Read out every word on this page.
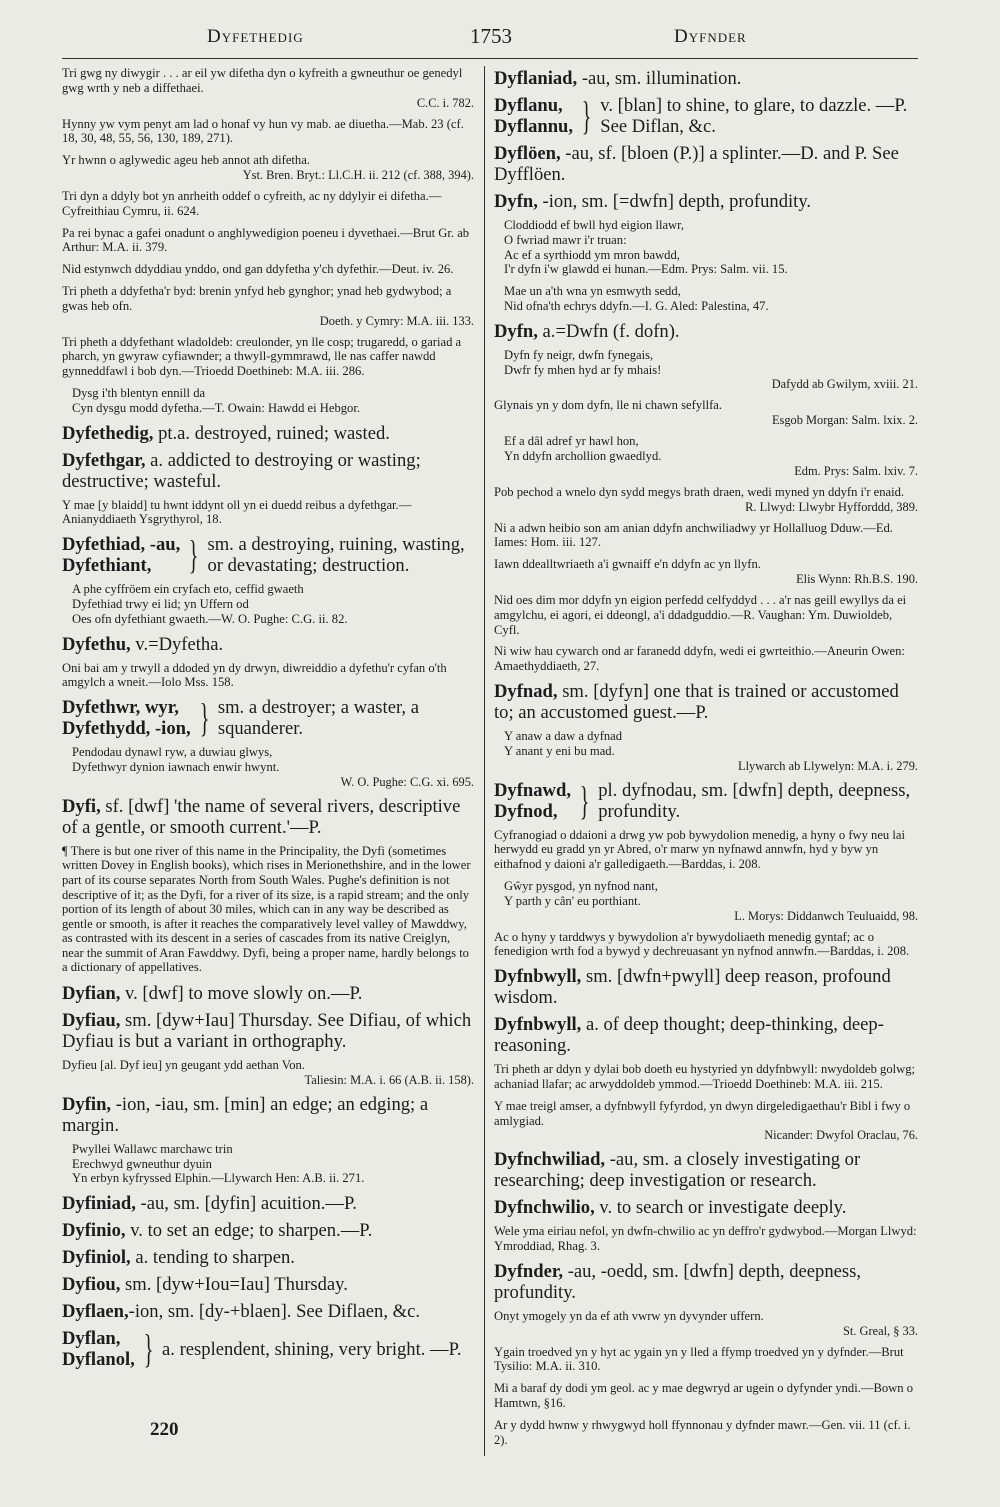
Dyfethedig	1753	Dyfnder

Tri gwg ny diwygir . . . ar eil yw difetha dyn o kyfreith a gwneuthur oe genedyl gwg wrth y neb a diffethaei.

C.C. i. 782.

Hynny yw vym penyt am lad o honaf vy hun vy mab. ae diuetha.—Mab. 23 (cf. 18, 30, 48, 55, 56, 130, 189, 271).

Yr hwnn o aglywedic ageu heb annot ath difetha.

Yst. Bren. Bryt.: Ll.C.H. ii. 212 (cf. 388, 394).

Tri dyn a ddyly bot yn anrheith oddef o cyfreith, ac ny ddylyir ei difetha.—Cyfreithiau Cymru, ii. 624.

Pa rei bynac a gafei onadunt o anghlywedigion poeneu i dyvethaei.—Brut Gr. ab Arthur: M.A. ii. 379.

Nid estynwch ddyddiau ynddo, ond gan ddyfetha y'ch dyfethir.—Deut. iv. 26.

Tri pheth a ddyfetha'r byd: brenin ynfyd heb gynghor; ynad heb gydwybod; a gwas heb ofn.

Doeth. y Cymry: M.A. iii. 133.

Tri pheth a ddyfethant wladoldeb: creulonder, yn lle cosp; trugaredd, o gariad a pharch, yn gwyraw cyfiawnder; a thwyll-gymmrawd, lle nas caffer nawdd gynneddfawl i bob dyn.—Trioedd Doethineb: M.A. iii. 286.

Dysg i'th blentyn ennill da

Cyn dysgu modd dyfetha.—T. Owain: Hawdd ei Hebgor.

Dyfethedig, pt.a. destroyed, ruined; wasted.
Dyfethgar, a. addicted to destroying or wasting; destructive; wasteful.

Y mae [y blaidd] tu hwnt iddynt oll yn ei duedd reibus a dyfethgar.—Anianyddiaeth Ysgrythyrol, 18.

Dyfethiad, -au,
Dyfethiant, } sm. a destroying, ruining, wasting, or devastating; destruction.

A phe cyffröem ein cryfach eto, ceffid gwaeth

Dyfethiad trwy ei lid; yn Uffern od

Oes ofn dyfethiant gwaeth.—W. O. Pughe: C.G. ii. 82.

Dyfethu, v.=Dyfetha.

Oni bai am y trwyll a ddoded yn dy drwyn, diwreiddio a dyfethu'r cyfan o'th amgylch a wneit.—Iolo Mss. 158.

Dyfethwr, wyr,
Dyfethydd, -ion, } sm. a destroyer; a waster, a squanderer.

Pendodau dynawl ryw, a duwiau glwys,

Dyfethwyr dynion iawnach enwir hwynt.

W. O. Pughe: C.G. xi. 695.
Dyfi, sf. [dwf] 'the name of several rivers, descriptive of a gentle, or smooth current.'—P.
¶ There is but one river of this name in the Principality, the Dyfi (sometimes written Dovey in English books), which rises in Merionethshire, and in the lower part of its course separates North from South Wales. Pughe's definition is not descriptive of it; as the Dyfi, for a river of its size, is a rapid stream; and the only portion of its length of about 30 miles, which can in any way be described as gentle or smooth, is after it reaches the comparatively level valley of Mawddwy, as contrasted with its descent in a series of cascades from its native Creiglyn, near the summit of Aran Fawddwy. Dyfi, being a proper name, hardly belongs to a dictionary of appellatives.
Dyfian, v. [dwf] to move slowly on.—P.
Dyfiau, sm. [dyw+Iau] Thursday. See Difiau, of which Dyfiau is but a variant in orthography.

Dyfieu [al. Dyf ieu] yn geugant ydd aethan Von.

Taliesin: M.A. i. 66 (A.B. ii. 158).
Dyfin, -ion, -iau, sm. [min] an edge; an edging; a margin.

Pwyllei Wallawc marchawc trin

Erechwyd gwneuthur dyuin

Yn erbyn kyfryssed Elphin.—Llywarch Hen: A.B. ii. 271.

Dyfiniad, -au, sm. [dyfin] acuition.—P.
Dyfinio, v. to set an edge; to sharpen.—P.
Dyfiniol, a. tending to sharpen.
Dyfiou, sm. [dyw+Iou=Iau] Thursday.
Dyflaen,-ion, sm. [dy-+blaen]. See Diflaen, &c.
Dyflan,
Dyflanol, } a. resplendent, shining, very bright. —P.
Dyflaniad, -au, sm. illumination.
Dyflanu,
Dyflannu, } v. [blan] to shine, to glare, to dazzle. —P. See Diflan, &c.
Dyflöen, -au, sf. [bloen (P.)] a splinter.—D. and P. See Dyfflöen.
Dyfn, -ion, sm. [=dwfn] depth, profundity.

Cloddiodd ef bwll hyd eigion llawr,

O fwriad mawr i'r truan:

Ac ef a syrthiodd ym mron bawdd,

I'r dyfn i'w glawdd ei hunan.—Edm. Prys: Salm. vii. 15.

Mae un a'th wna yn esmwyth sedd,

Nid ofna'th echrys ddyfn.—I. G. Aled: Palestina, 47.

Dyfn, a.=Dwfn (f. dofn).

Dyfn fy neigr, dwfn fynegais,

Dwfr fy mhen hyd ar fy mhais!

Dafydd ab Gwilym, xviii. 21.

Glynais yn y dom dyfn, lle ni chawn sefyllfa.

Esgob Morgan: Salm. lxix. 2.

Ef a dâl adref yr hawl hon,

Yn ddyfn archollion gwaedlyd.

Edm. Prys: Salm. lxiv. 7.

Pob pechod a wnelo dyn sydd megys brath draen, wedi myned yn ddyfn i'r enaid.

R. Llwyd: Llwybr Hyfforddd, 389.

Ni a adwn heibio son am anian ddyfn anchwiliadwy yr Hollalluog Dduw.—Ed. Iames: Hom. iii. 127.

Iawn ddealltwriaeth a'i gwnaiff e'n ddyfn ac yn llyfn.

Elis Wynn: Rh.B.S. 190.

Nid oes dim mor ddyfn yn eigion perfedd celfyddyd . . . a'r nas geill ewyllys da ei amgylchu, ei agori, ei ddeongl, a'i ddadguddio.—R. Vaughan: Ym. Duwioldeb, Cyfl.

Ni wiw hau cywarch ond ar faranedd ddyfn, wedi ei gwrteithio.—Aneurin Owen: Amaethyddiaeth, 27.

Dyfnad, sm. [dyfyn] one that is trained or accustomed to; an accustomed guest.—P.

Y anaw a daw a dyfnad

Y anant y eni bu mad.

Llywarch ab Llywelyn: M.A. i. 279.
Dyfnawd,
Dyfnod, } pl. dyfnodau, sm. [dwfn] depth, deepness, profundity.

Cyfranogiad o ddaioni a drwg yw pob bywydolion menedig, a hyny o fwy neu lai herwydd eu gradd yn yr Abred, o'r marw yn nyfnawd annwfn, hyd y byw yn eithafnod y daioni a'r galledigaeth.—Barddas, i. 208.

Gŵyr pysgod, yn nyfnod nant,

Y parth y cân' eu porthiant.

L. Morys: Diddanwch Teuluaidd, 98.

Ac o hyny y tarddwys y bywydolion a'r bywydoliaeth menedig gyntaf; ac o fenedigion wrth fod a bywyd y dechreuasant yn nyfnod annwfn.—Barddas, i. 208.

Dyfnbwyll, sm. [dwfn+pwyll] deep reason, profound wisdom.
Dyfnbwyll, a. of deep thought; deep-thinking, deep-reasoning.

Tri pheth ar ddyn y dylai bob doeth eu hystyried yn ddyfnbwyll: nwydoldeb golwg; achaniad llafar; ac arwyddoldeb ymmod.—Trioedd Doethineb: M.A. iii. 215.

Y mae treigl amser, a dyfnbwyll fyfyrdod, yn dwyn dirgeledigaethau'r Bibl i fwy o amlygiad.

Nicander: Dwyfol Oraclau, 76.
Dyfnchwiliad, -au, sm. a closely investigating or researching; deep investigation or research.
Dyfnchwilio, v. to search or investigate deeply.

Wele yma eiriau nefol, yn dwfn-chwilio ac yn deffro'r gydwybod.—Morgan Llwyd: Ymroddiad, Rhag. 3.

Dyfnder, -au, -oedd, sm. [dwfn] depth, deepness, profundity.

Onyt ymogely yn da ef ath vwrw yn dyvynder uffern.

St. Greal, § 33.

Ygain troedved yn y hyt ac ygain yn y lled a ffymp troedved yn y dyfnder.—Brut Tysilio: M.A. ii. 310.

Mi a baraf dy dodi ym geol. ac y mae degwryd ar ugein o dyfynder yndi.—Bown o Hamtwn, §16.

Ar y dydd hwnw y rhwygwyd holl ffynnonau y dyfnder mawr.—Gen. vii. 11 (cf. i. 2).

220
